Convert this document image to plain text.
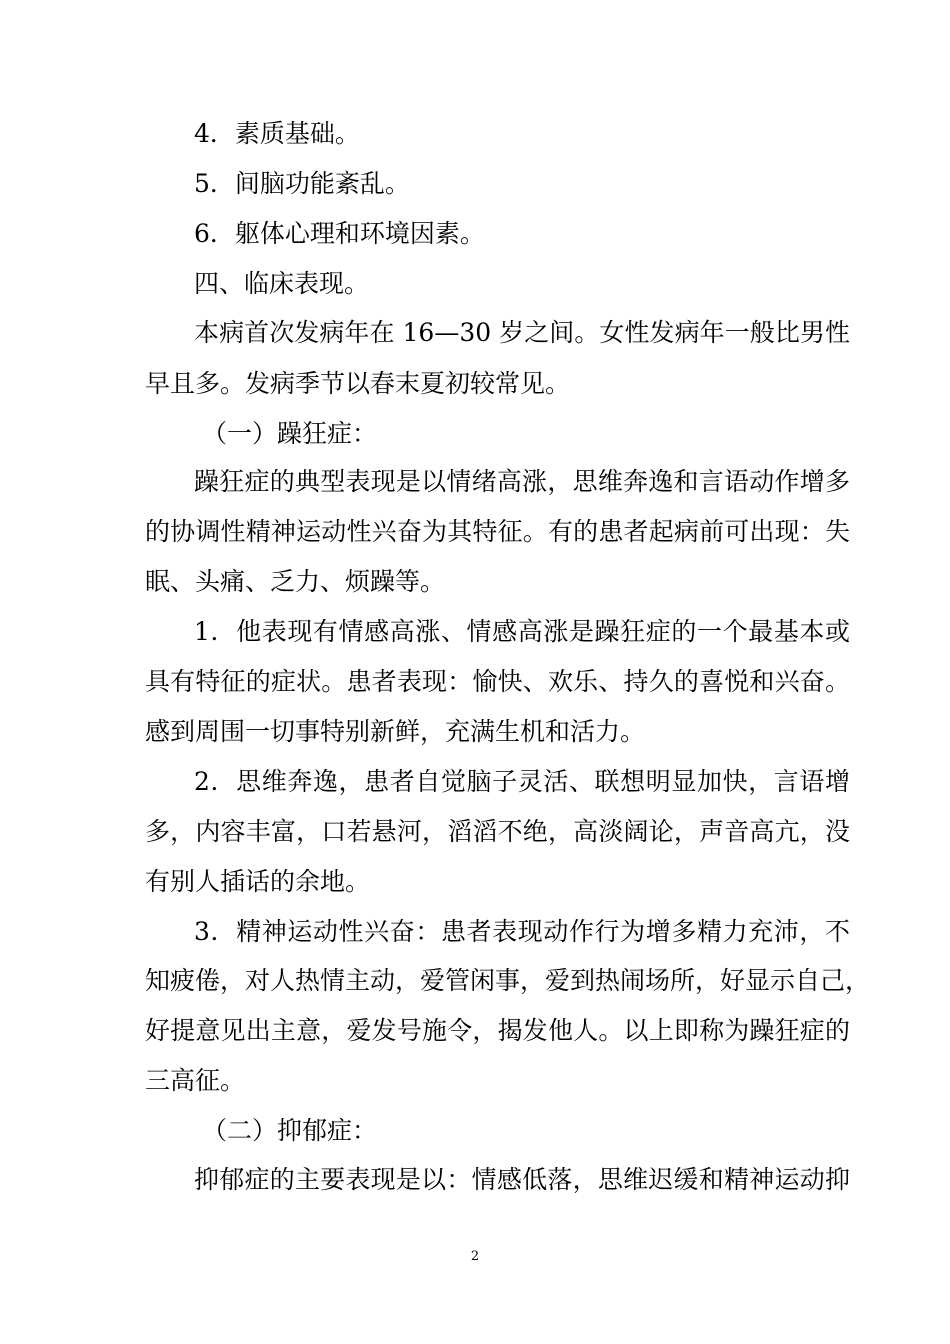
4．素质基础。
5．间脑功能紊乱。
6．躯体心理和环境因素。
四、临床表现。
本病首次发病年在 16—30 岁之间。女性发病年一般比男性
早且多。发病季节以春末夏初较常见。
（一）躁狂症：
躁狂症的典型表现是以情绪高涨，思维奔逸和言语动作增多
的协调性精神运动性兴奋为其特征。有的患者起病前可出现：失
眠、头痛、乏力、烦躁等。
1．他表现有情感高涨、情感高涨是躁狂症的一个最基本或
具有特征的症状。患者表现：愉快、欢乐、持久的喜悦和兴奋。
感到周围一切事特别新鲜，充满生机和活力。
2．思维奔逸，患者自觉脑子灵活、联想明显加快，言语增
多，内容丰富，口若悬河，滔滔不绝，高淡阔论，声音高亢，没
有别人插话的余地。
3．精神运动性兴奋：患者表现动作行为增多精力充沛，不
知疲倦，对人热情主动，爱管闲事，爱到热闹场所，好显示自己，
好提意见出主意，爱发号施令，揭发他人。以上即称为躁狂症的
三高征。
（二）抑郁症：
抑郁症的主要表现是以：情感低落，思维迟缓和精神运动抑
2
